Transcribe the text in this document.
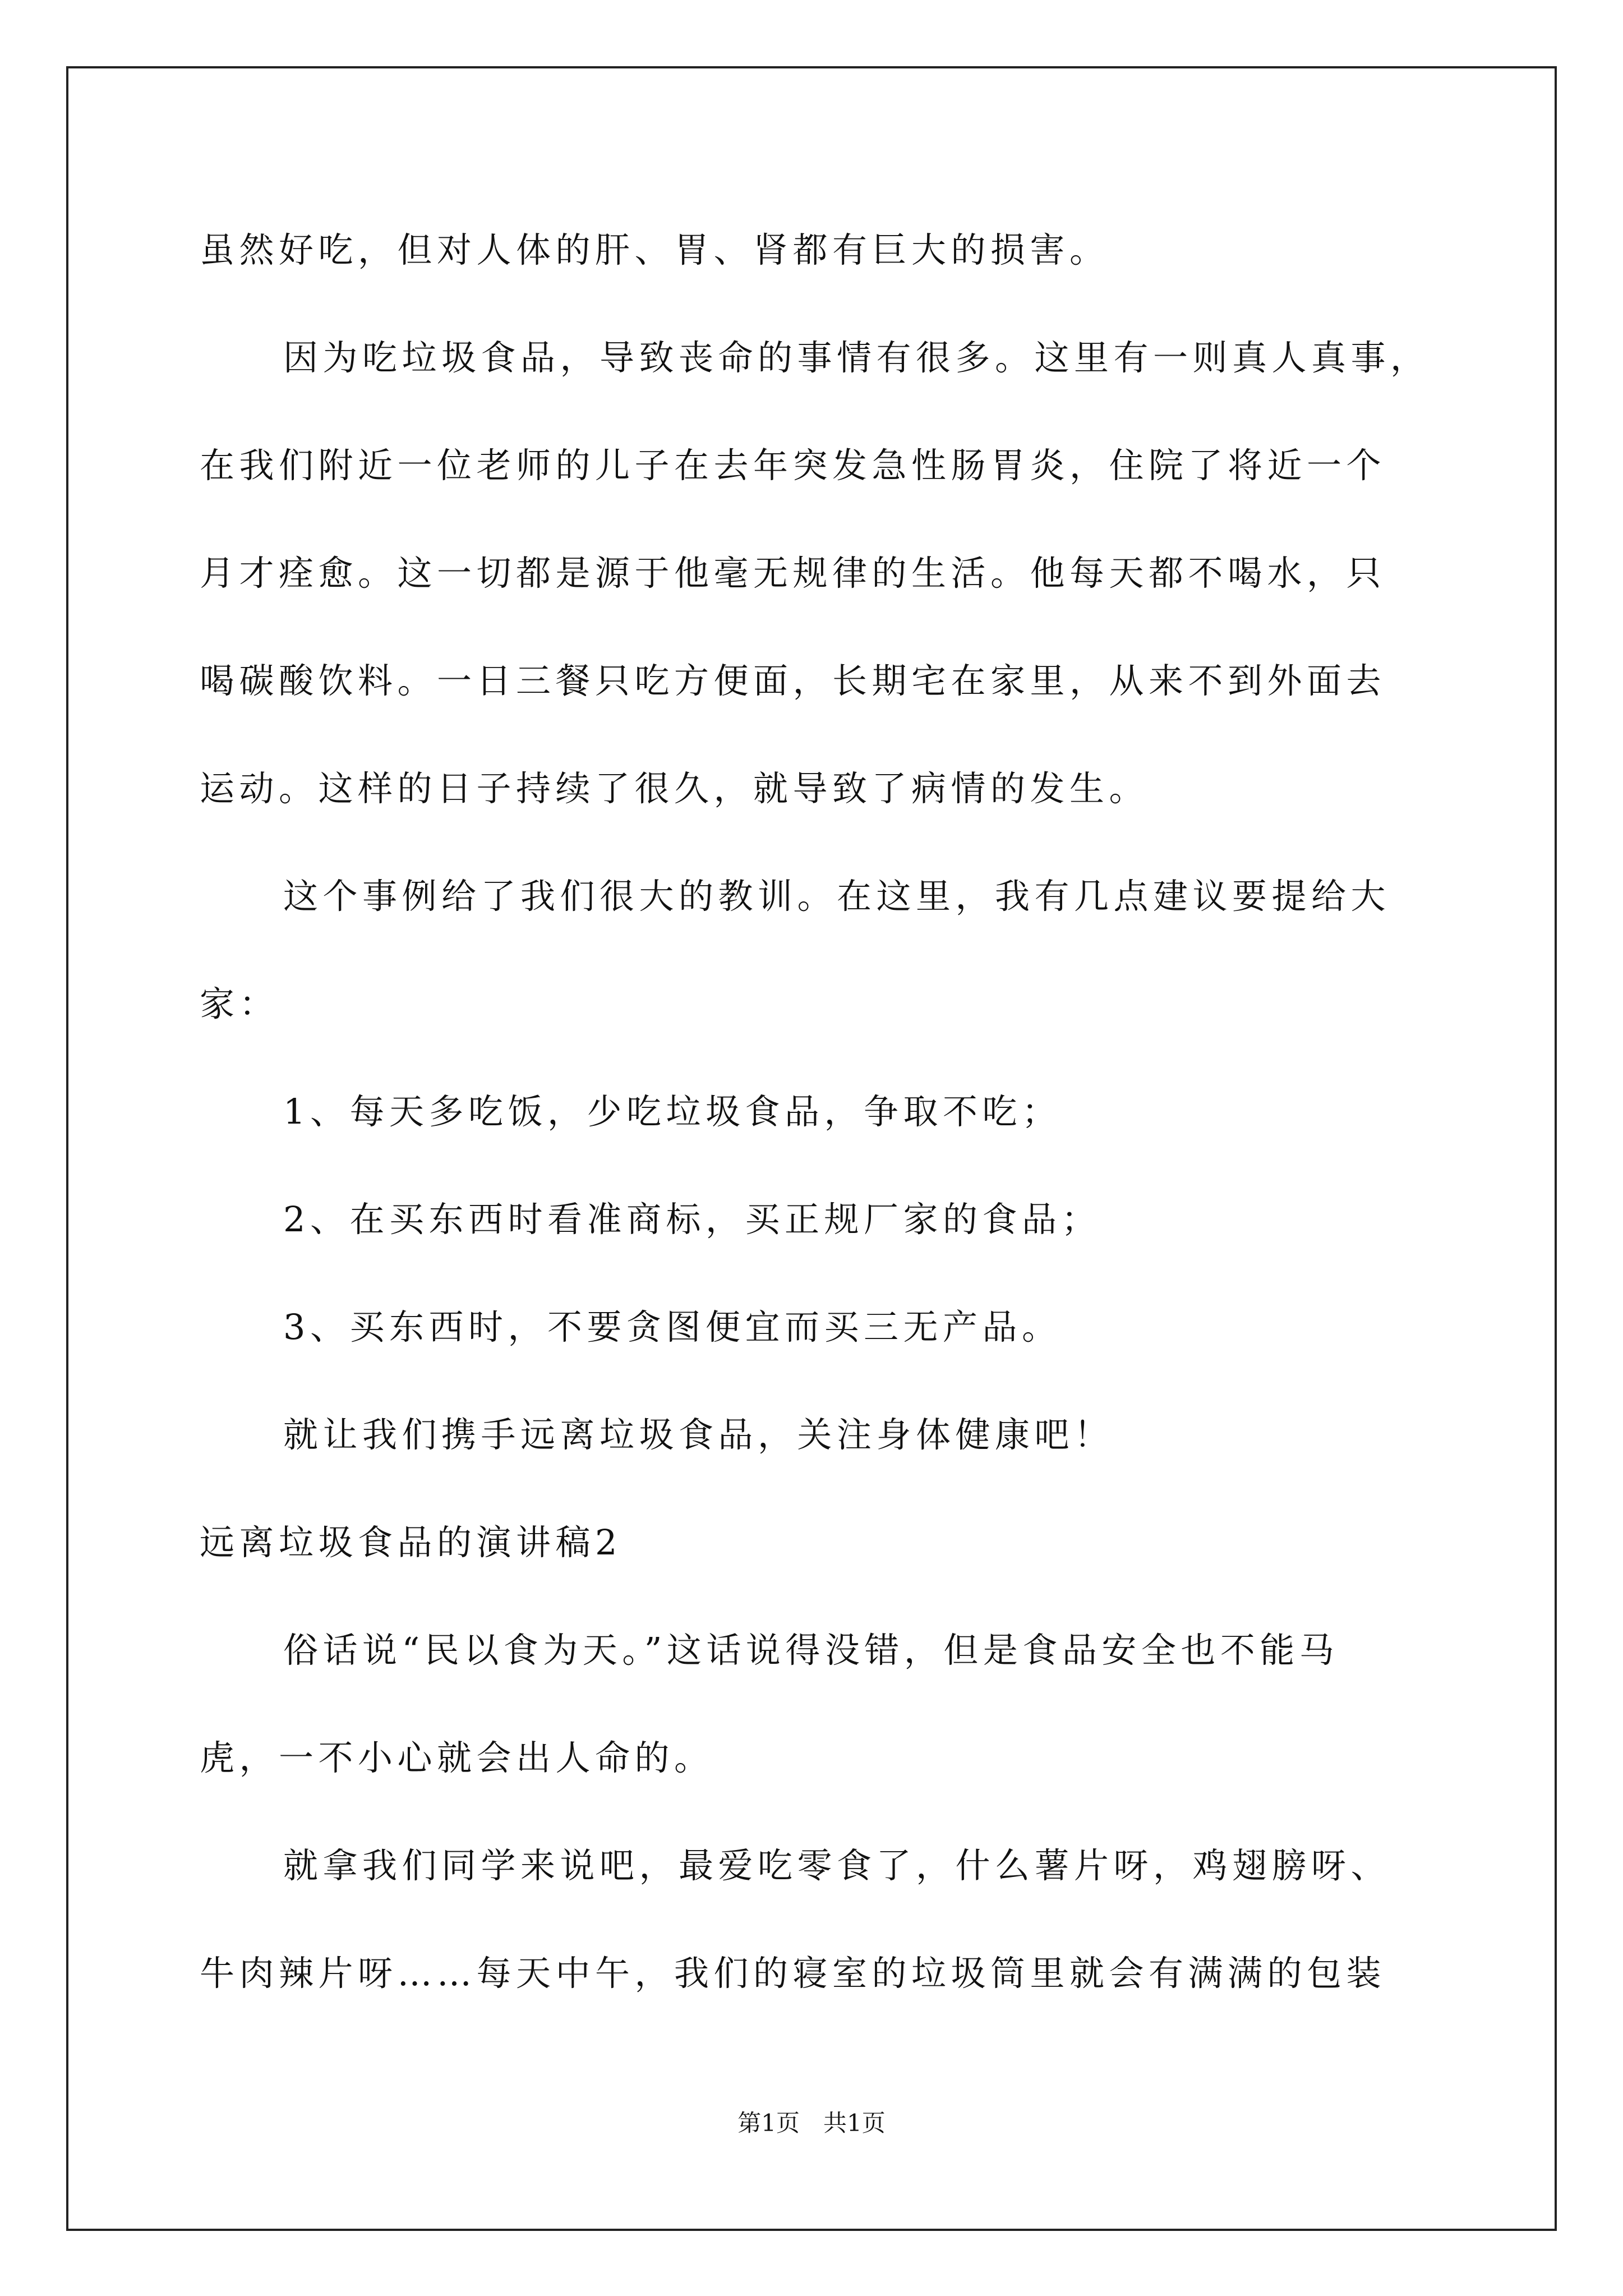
虽然好吃，但对人体的肝、胃、肾都有巨大的损害。
因为吃垃圾食品，导致丧命的事情有很多。这里有一则真人真事，
在我们附近一位老师的儿子在去年突发急性肠胃炎，住院了将近一个
月才痊愈。这一切都是源于他毫无规律的生活。他每天都不喝水，只
喝碳酸饮料。一日三餐只吃方便面，长期宅在家里，从来不到外面去
运动。这样的日子持续了很久，就导致了病情的发生。
这个事例给了我们很大的教训。在这里，我有几点建议要提给大
家：
1、每天多吃饭，少吃垃圾食品，争取不吃；
2、在买东西时看准商标，买正规厂家的食品；
3、买东西时，不要贪图便宜而买三无产品。
就让我们携手远离垃圾食品，关注身体健康吧！
远离垃圾食品的演讲稿2
俗话说“民以食为天。”这话说得没错，但是食品安全也不能马
虎，一不小心就会出人命的。
就拿我们同学来说吧，最爱吃零食了，什么薯片呀，鸡翅膀呀、
牛肉辣片呀……每天中午，我们的寝室的垃圾筒里就会有满满的包装
第1页　共1页
